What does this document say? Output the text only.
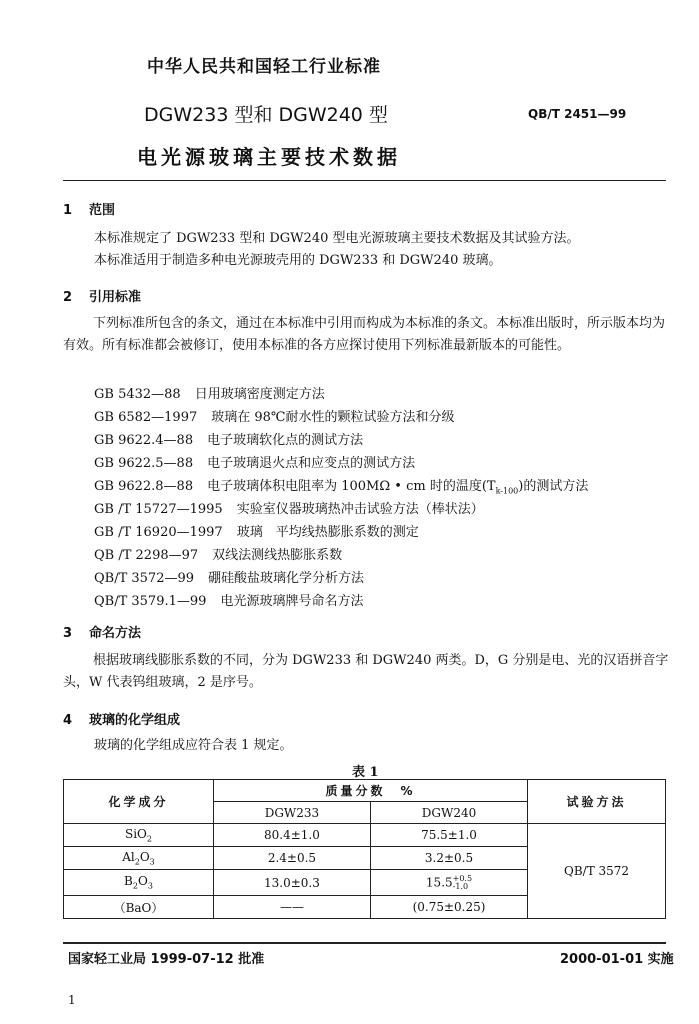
中华人民共和国轻工行业标准
DGW233 型和 DGW240 型	QB/T 2451—99
电光源玻璃主要技术数据
1 范围
本标准规定了 DGW233 型和 DGW240 型电光源玻璃主要技术数据及其试验方法。
本标准适用于制造多种电光源玻壳用的 DGW233 和 DGW240 玻璃。
2 引用标准
下列标准所包含的条文，通过在本标准中引用而构成为本标准的条文。本标准出版时，所示版本均为有效。所有标准都会被修订，使用本标准的各方应探讨使用下列标准最新版本的可能性。
GB 5432—88 日用玻璃密度测定方法
GB 6582—1997 玻璃在 98℃耐水性的颗粒试验方法和分级
GB 9622.4—88 电子玻璃软化点的测试方法
GB 9622.5—88 电子玻璃退火点和应变点的测试方法
GB 9622.8—88 电子玻璃体积电阻率为 100MΩ • cm 时的温度$(T_{k-100})$的测试方法
GB /T 15727—1995 实验室仪器玻璃热冲击试验方法（棒状法）
GB /T 16920—1997 玻璃　平均线热膨胀系数的测定
QB /T 2298—97 双线法测线热膨胀系数
QB/T 3572—99 硼硅酸盐玻璃化学分析方法
QB/T 3579.1—99 电光源玻璃牌号命名方法
3 命名方法
根据玻璃线膨胀系数的不同，分为 DGW233 和 DGW240 两类。D，G 分别是电、光的汉语拼音字头，W 代表钨组玻璃，2 是序号。
4 玻璃的化学组成
玻璃的化学组成应符合表 1 规定。
表 1
化学成分	质量分数　%		试验方法
	DGW233	DGW240	
SiO$_2$	80.4±1.0	75.5±1.0	QB/T 3572
$Al_2O_3$	2.4±0.5	3.2±0.5	
$B_2O_3$	13.0±0.3	15.5 +0.5
-1.0	

（BaO）	——	(0.75±0.25)	
国家轻工业局 1999-07-12 批准	2000-01-01 实施
1
